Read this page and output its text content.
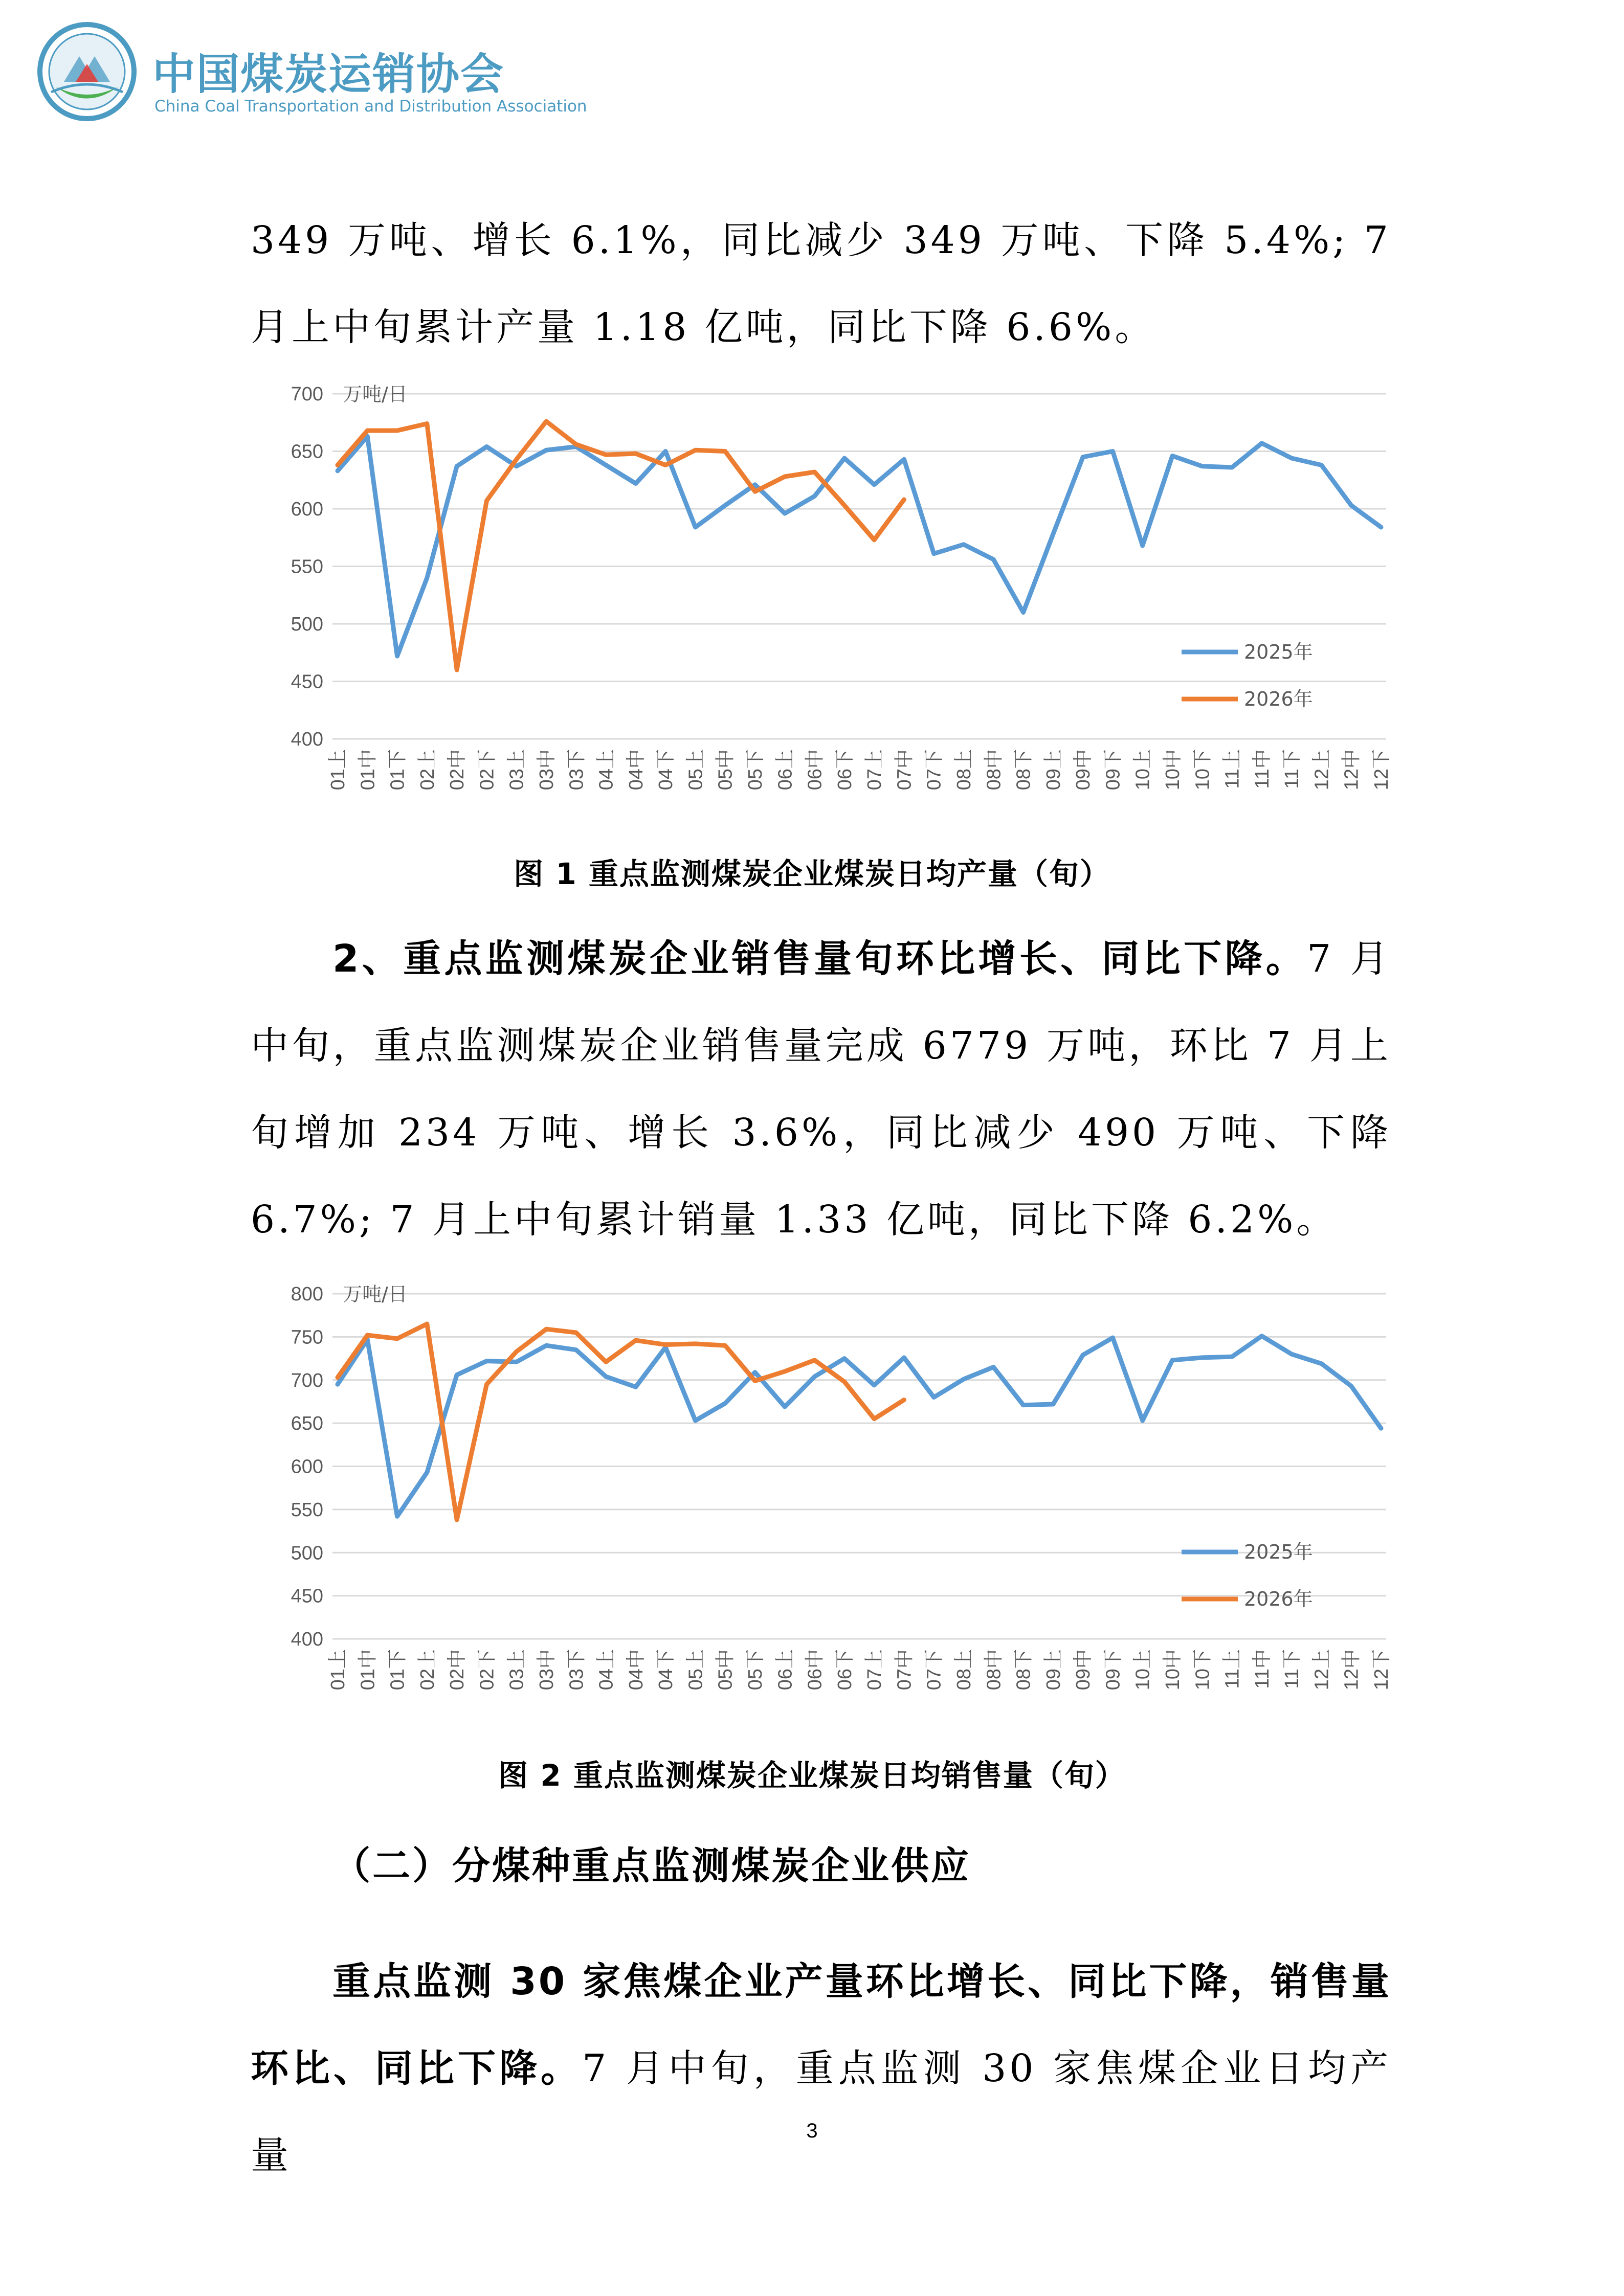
中国煤炭运销协会
China Coal Transportation and Distribution Association

349 万吨、增长 6.1%，同比减少 349 万吨、下降 5.4%; 7 月上中旬累计产量 1.18 亿吨，同比下降 6.6%。

400
450
500
550
600
650
700 万吨/日
01上 01中 01下 02上 02中 02下 03上 03中 03下 04上 04中 04下 05上 05中 05下 06上 06中 06下 07上 07中 07下 08上 08中 08下 09上 09中 09下 10上 10中 10下 11上 11中 11下 12上 12中 12下
2025年
2026年

图 1 重点监测煤炭企业煤炭日均产量（旬）

2、重点监测煤炭企业销售量旬环比增长、同比下降。7 月中旬，重点监测煤炭企业销售量完成 6779 万吨，环比 7 月上旬增加 234 万吨、增长 3.6%，同比减少 490 万吨、下降 6.7%; 7 月上中旬累计销量 1.33 亿吨，同比下降 6.2%。

400
450
500
550
600
650
700
750
800 万吨/日
01上 01中 01下 02上 02中 02下 03上 03中 03下 04上 04中 04下 05上 05中 05下 06上 06中 06下 07上 07中 07下 08上 08中 08下 09上 09中 09下 10上 10中 10下 11上 11中 11下 12上 12中 12下
2025年
2026年

图 2 重点监测煤炭企业煤炭日均销售量（旬）

（二）分煤种重点监测煤炭企业供应

重点监测 30 家焦煤企业产量环比增长、同比下降，销售量环比、同比下降。7 月中旬，重点监测 30 家焦煤企业日均产量

3
